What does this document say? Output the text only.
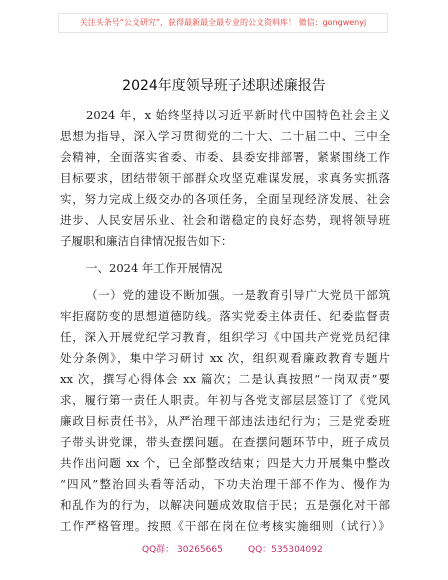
关注头条号“公文研究”，获得最新最全最专业的公文资料库！ 微信：gongwenyj
2024年度领导班子述职述廉报告
2024 年，x 始终坚持以习近平新时代中国特色社会主义
思想为指导，深入学习贯彻党的二十大、二十届二中、三中全
会精神，全面落实省委、市委、县委安排部署，紧紧围绕工作
目标要求，团结带领干部群众攻坚克难谋发展，求真务实抓落
实，努力完成上级交办的各项任务，全面呈现经济发展、社会
进步、人民安居乐业、社会和谐稳定的良好态势，现将领导班
子履职和廉洁自律情况报告如下：
一、2024 年工作开展情况
（一）党的建设不断加强。一是教育引导广大党员干部筑
牢拒腐防变的思想道德防线。落实党委主体责任、纪委监督责
任，深入开展党纪学习教育，组织学习《中国共产党党员纪律
处分条例》，集中学习研讨 xx 次，组织观看廉政教育专题片
xx 次，撰写心得体会 xx 篇次；二是认真按照“一岗双责”要
求，履行第一责任人职责。年初与各党支部层层签订了《党风
廉政目标责任书》，从严治理干部违法违纪行为；三是党委班
子带头讲党课，带头查摆问题。在查摆问题环节中，班子成员
共作出问题 xx 个，已全部整改结束；四是大力开展集中整改
“四风”整治回头看等活动，下功夫治理干部不作为、慢作为
和乱作为的行为，以解决问题成效取信于民；五是强化对干部
工作严格管理。按照《干部在岗在位考核实施细则（试行）》
QQ群： 30265665	QQ：535304092
